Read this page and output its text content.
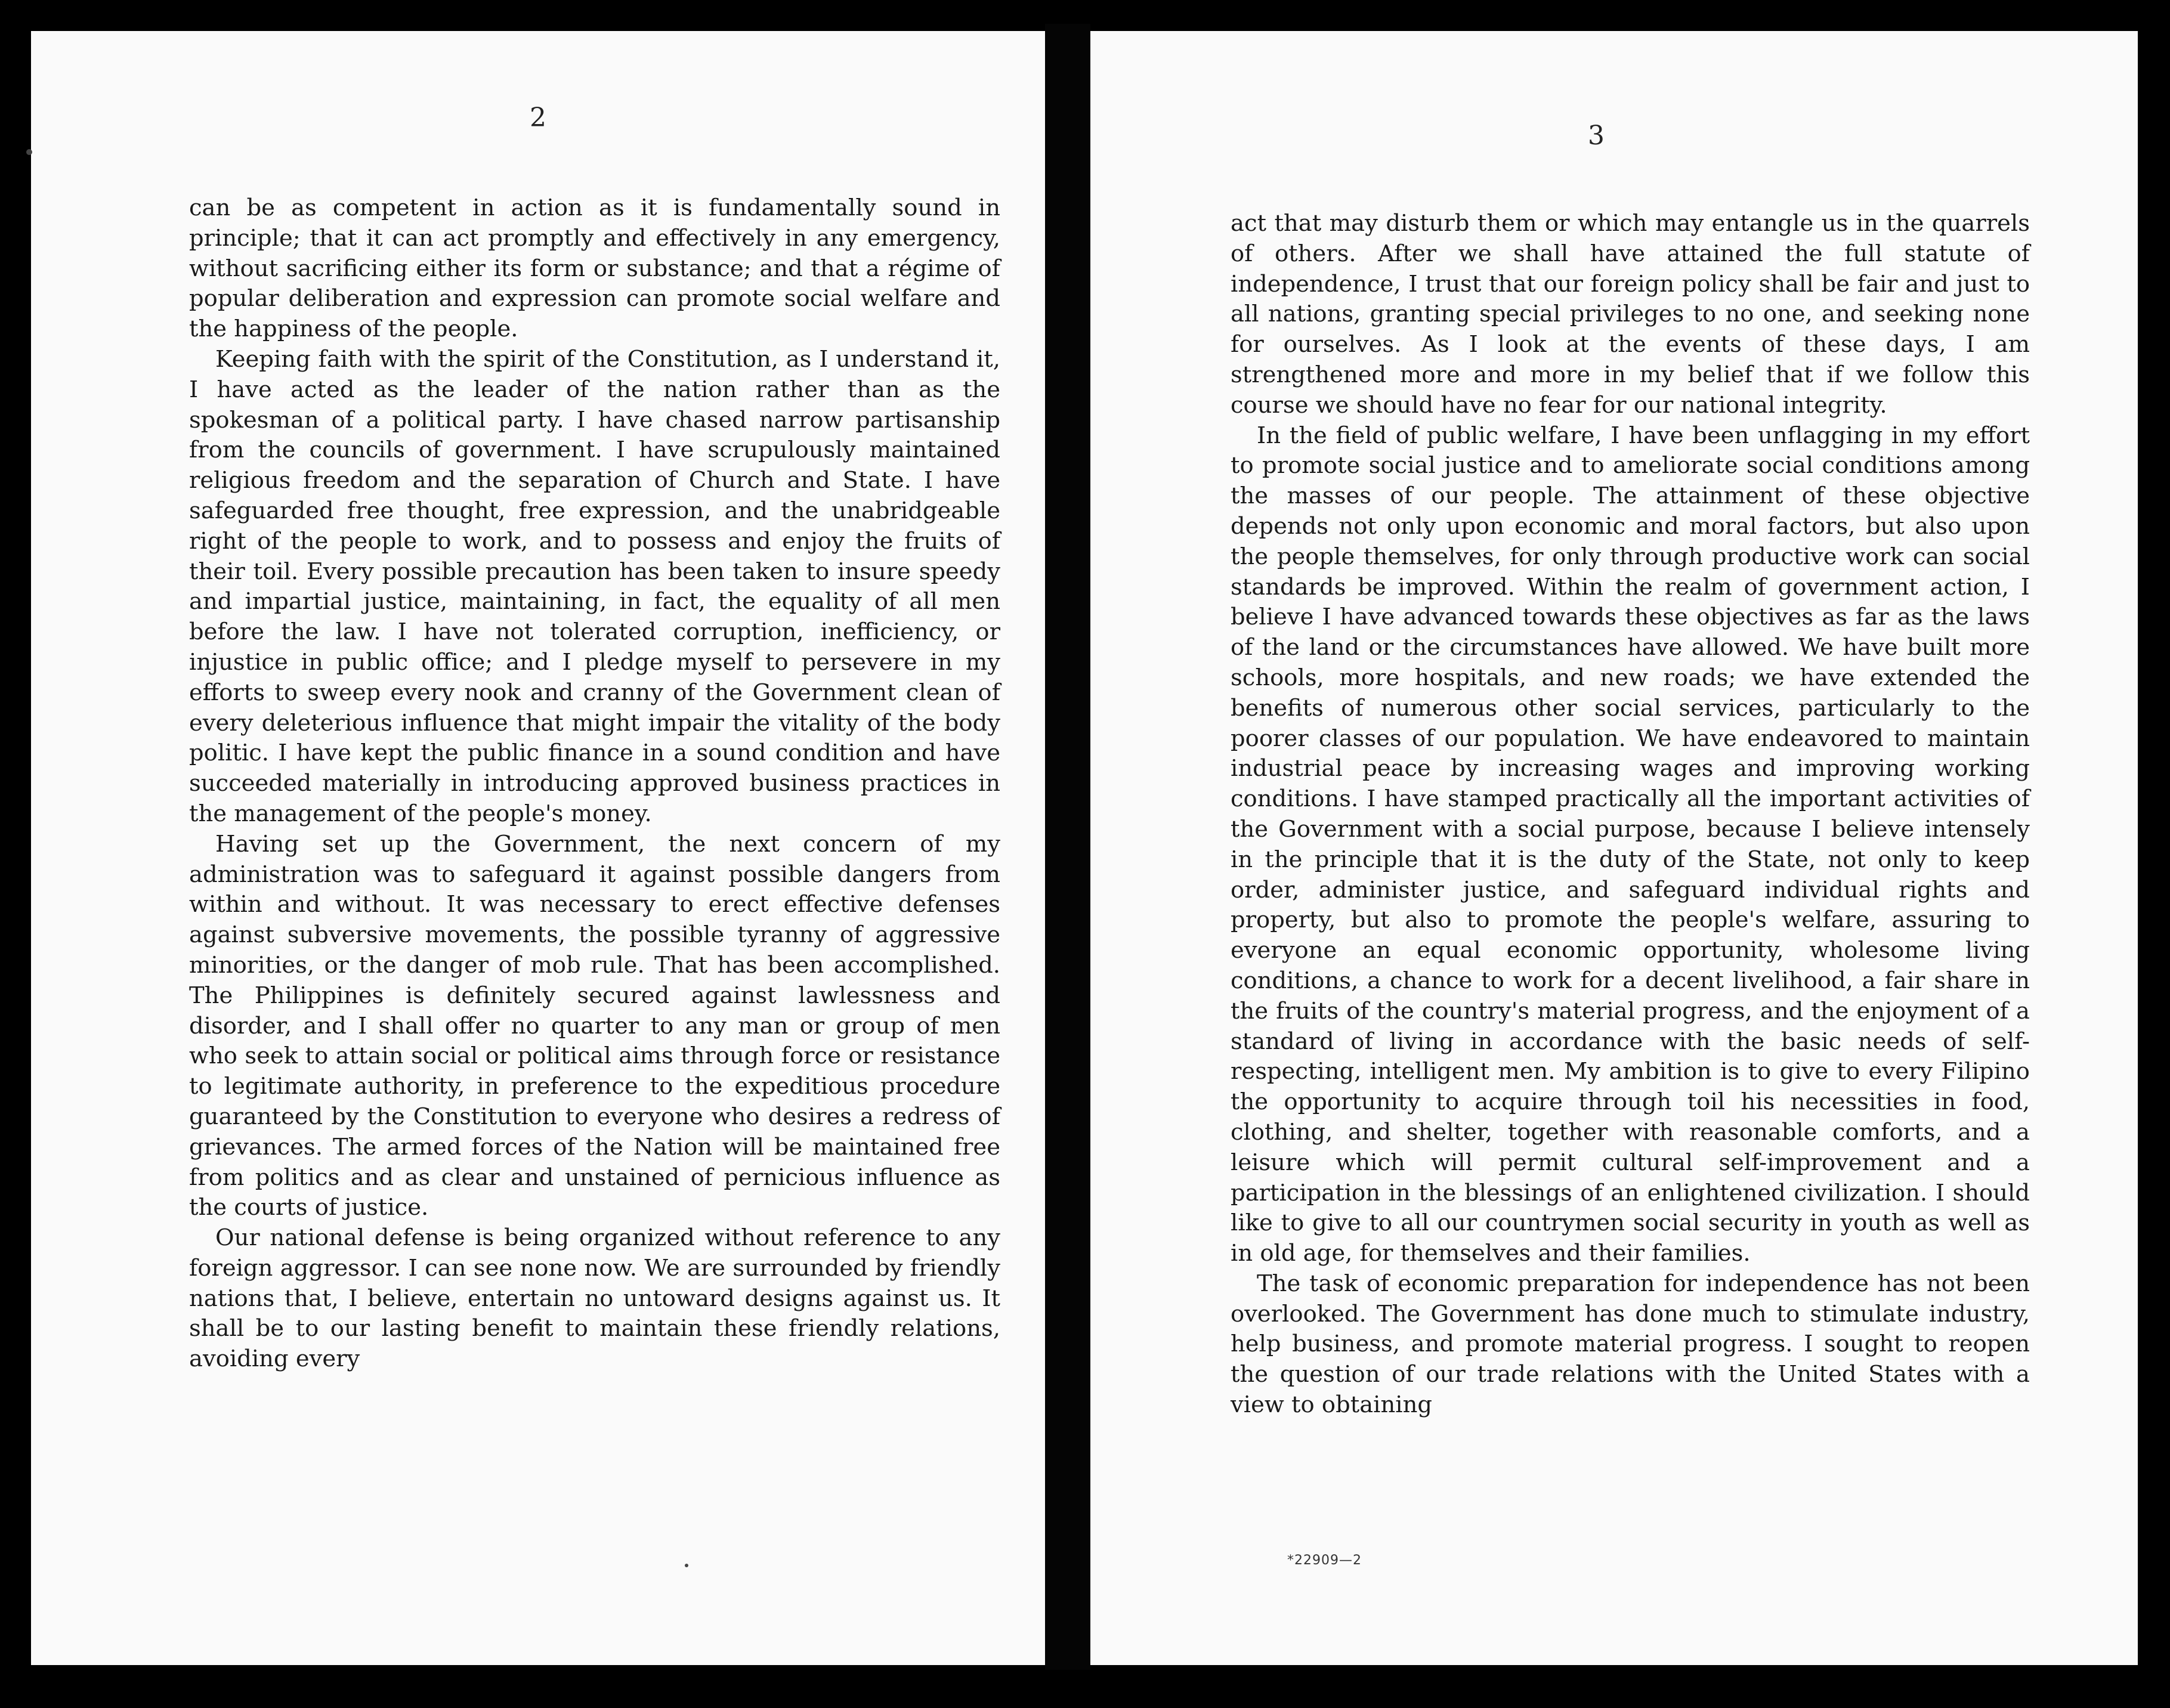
2

can be as competent in action as it is fundamentally sound in principle; that it can act promptly and effectively in any emergency, without sacrificing either its form or substance; and that a régime of popular deliberation and expression can promote social welfare and the happiness of the people.

Keeping faith with the spirit of the Constitution, as I understand it, I have acted as the leader of the nation rather than as the spokesman of a political party. I have chased narrow partisanship from the councils of government. I have scrupulously maintained religious freedom and the separation of Church and State. I have safeguarded free thought, free expression, and the unabridgeable right of the people to work, and to possess and enjoy the fruits of their toil. Every possible precaution has been taken to insure speedy and impartial justice, maintaining, in fact, the equality of all men before the law. I have not tolerated corruption, inefficiency, or injustice in public office; and I pledge myself to persevere in my efforts to sweep every nook and cranny of the Government clean of every deleterious influence that might impair the vitality of the body politic. I have kept the public finance in a sound condition and have succeeded materially in introducing approved business practices in the management of the people's money.

Having set up the Government, the next concern of my administration was to safeguard it against possible dangers from within and without. It was necessary to erect effective defenses against subversive movements, the possible tyranny of aggressive minorities, or the danger of mob rule. That has been accomplished. The Philippines is definitely secured against lawlessness and disorder, and I shall offer no quarter to any man or group of men who seek to attain social or political aims through force or resistance to legitimate authority, in preference to the expeditious procedure guaranteed by the Constitution to everyone who desires a redress of grievances. The armed forces of the Nation will be maintained free from politics and as clear and unstained of pernicious influence as the courts of justice.

Our national defense is being organized without reference to any foreign aggressor. I can see none now. We are surrounded by friendly nations that, I believe, entertain no untoward designs against us. It shall be to our lasting benefit to maintain these friendly relations, avoiding every

3

act that may disturb them or which may entangle us in the quarrels of others. After we shall have attained the full statute of independence, I trust that our foreign policy shall be fair and just to all nations, granting special privileges to no one, and seeking none for ourselves. As I look at the events of these days, I am strengthened more and more in my belief that if we follow this course we should have no fear for our national integrity.

In the field of public welfare, I have been unflagging in my effort to promote social justice and to ameliorate social conditions among the masses of our people. The attainment of these objective depends not only upon economic and moral factors, but also upon the people themselves, for only through productive work can social standards be improved. Within the realm of government action, I believe I have advanced towards these objectives as far as the laws of the land or the circumstances have allowed. We have built more schools, more hospitals, and new roads; we have extended the benefits of numerous other social services, particularly to the poorer classes of our population. We have endeavored to maintain industrial peace by increasing wages and improving working conditions. I have stamped practically all the important activities of the Government with a social purpose, because I believe intensely in the principle that it is the duty of the State, not only to keep order, administer justice, and safeguard individual rights and property, but also to promote the people's welfare, assuring to everyone an equal economic opportunity, wholesome living conditions, a chance to work for a decent livelihood, a fair share in the fruits of the country's material progress, and the enjoyment of a standard of living in accordance with the basic needs of self-respecting, intelligent men. My ambition is to give to every Filipino the opportunity to acquire through toil his necessities in food, clothing, and shelter, together with reasonable comforts, and a leisure which will permit cultural self-improvement and a participation in the blessings of an enlightened civilization. I should like to give to all our countrymen social security in youth as well as in old age, for themselves and their families.

The task of economic preparation for independence has not been overlooked. The Government has done much to stimulate industry, help business, and promote material progress. I sought to reopen the question of our trade relations with the United States with a view to obtaining

*22909—2
